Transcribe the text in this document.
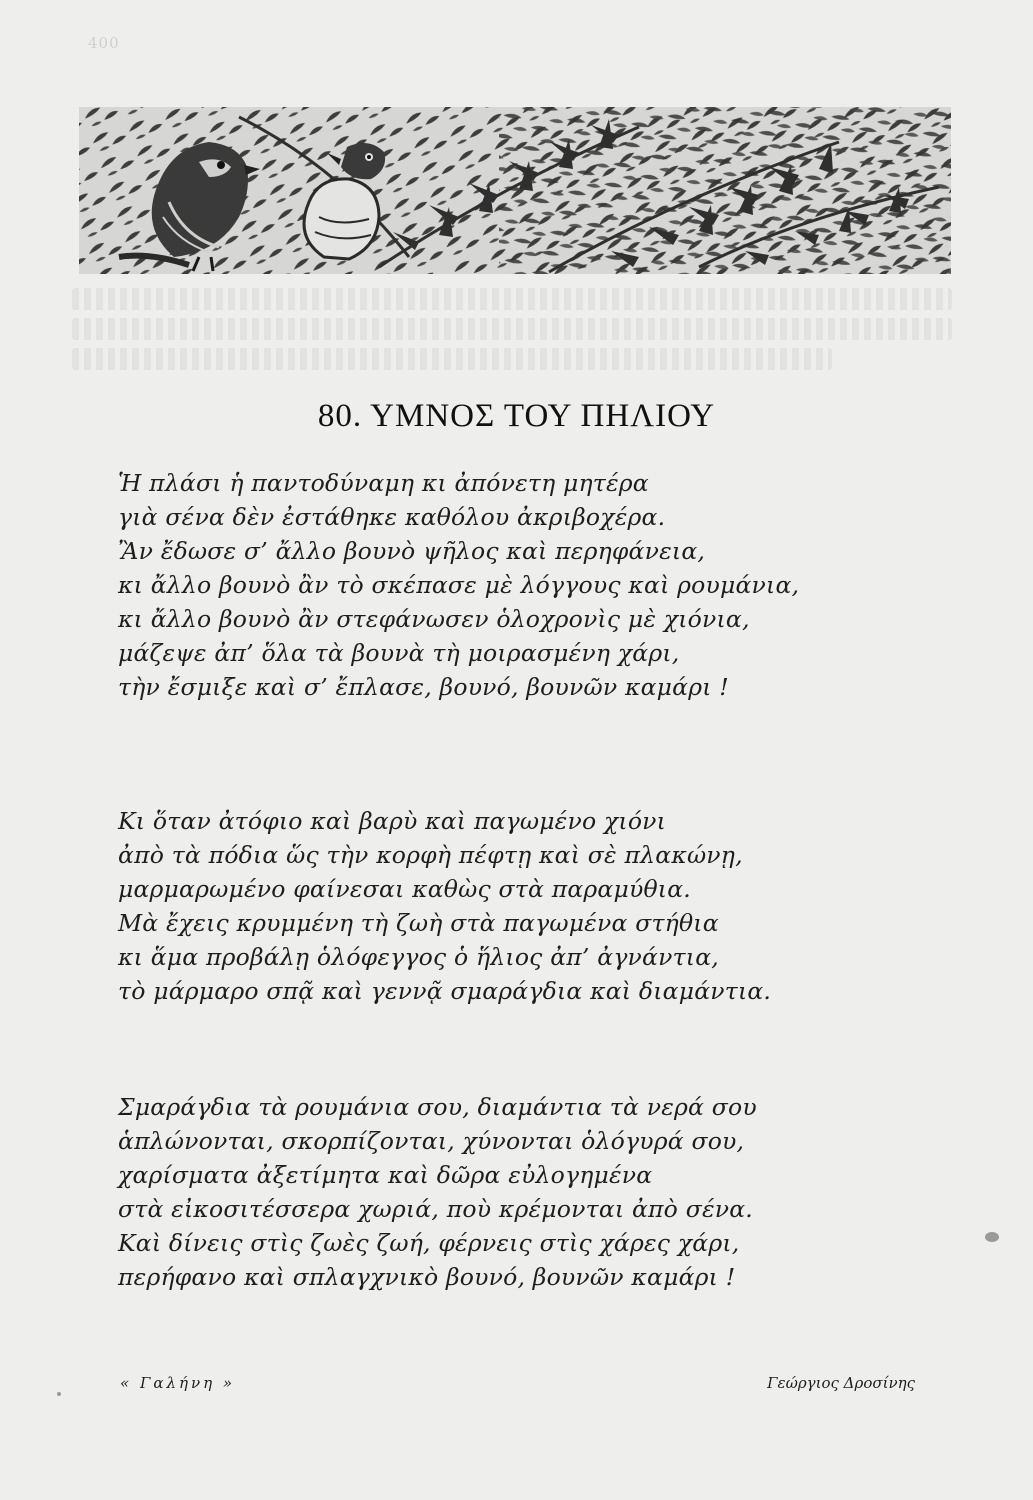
400
80. ΥΜΝΟΣ ΤΟΥ ΠΗΛΙΟΥ
Ἡ πλάσι ἡ παντοδύναμη κι ἀπόνετη μητέρα
γιὰ σένα δὲν ἐστάθηκε καθόλου ἀκριβοχέρα.
Ἂν ἔδωσε σ’ ἄλλο βουνὸ ψῆλος καὶ περηφάνεια,
κι ἄλλο βουνὸ ἂν τὸ σκέπασε μὲ λόγγους καὶ ρουμάνια,
κι ἄλλο βουνὸ ἂν στεφάνωσεν ὁλοχρονὶς μὲ χιόνια,
μάζεψε ἀπ’ ὅλα τὰ βουνὰ τὴ μοιρασμένη χάρι,
τὴν ἔσμιξε καὶ σ’ ἔπλασε, βουνό, βουνῶν καμάρι !
Κι ὅταν ἀτόφιο καὶ βαρὺ καὶ παγωμένο χιόνι
ἀπὸ τὰ πόδια ὥς τὴν κορφὴ πέφτῃ καὶ σὲ πλακώνῃ,
μαρμαρωμένο φαίνεσαι καθὼς στὰ παραμύθια.
Μὰ ἔχεις κρυμμένη τὴ ζωὴ στὰ παγωμένα στήθια
κι ἅμα προβάλῃ ὁλόφεγγος ὁ ἥλιος ἀπ’ ἀγνάντια,
τὸ μάρμαρο σπᾷ καὶ γεννᾷ σμαράγδια καὶ διαμάντια.
Σμαράγδια τὰ ρουμάνια σου, διαμάντια τὰ νερά σου
ἁπλώνονται, σκορπίζονται, χύνονται ὁλόγυρά σου,
χαρίσματα ἀξετίμητα καὶ δῶρα εὐλογημένα
στὰ εἰκοσιτέσσερα χωριά, ποὺ κρέμονται ἀπὸ σένα.
Καὶ δίνεις στὶς ζωὲς ζωή, φέρνεις στὶς χάρες χάρι,
περήφανο καὶ σπλαγχνικὸ βουνό, βουνῶν καμάρι !
« Γαλήνη »	Γεώργιος Δροσίνης
